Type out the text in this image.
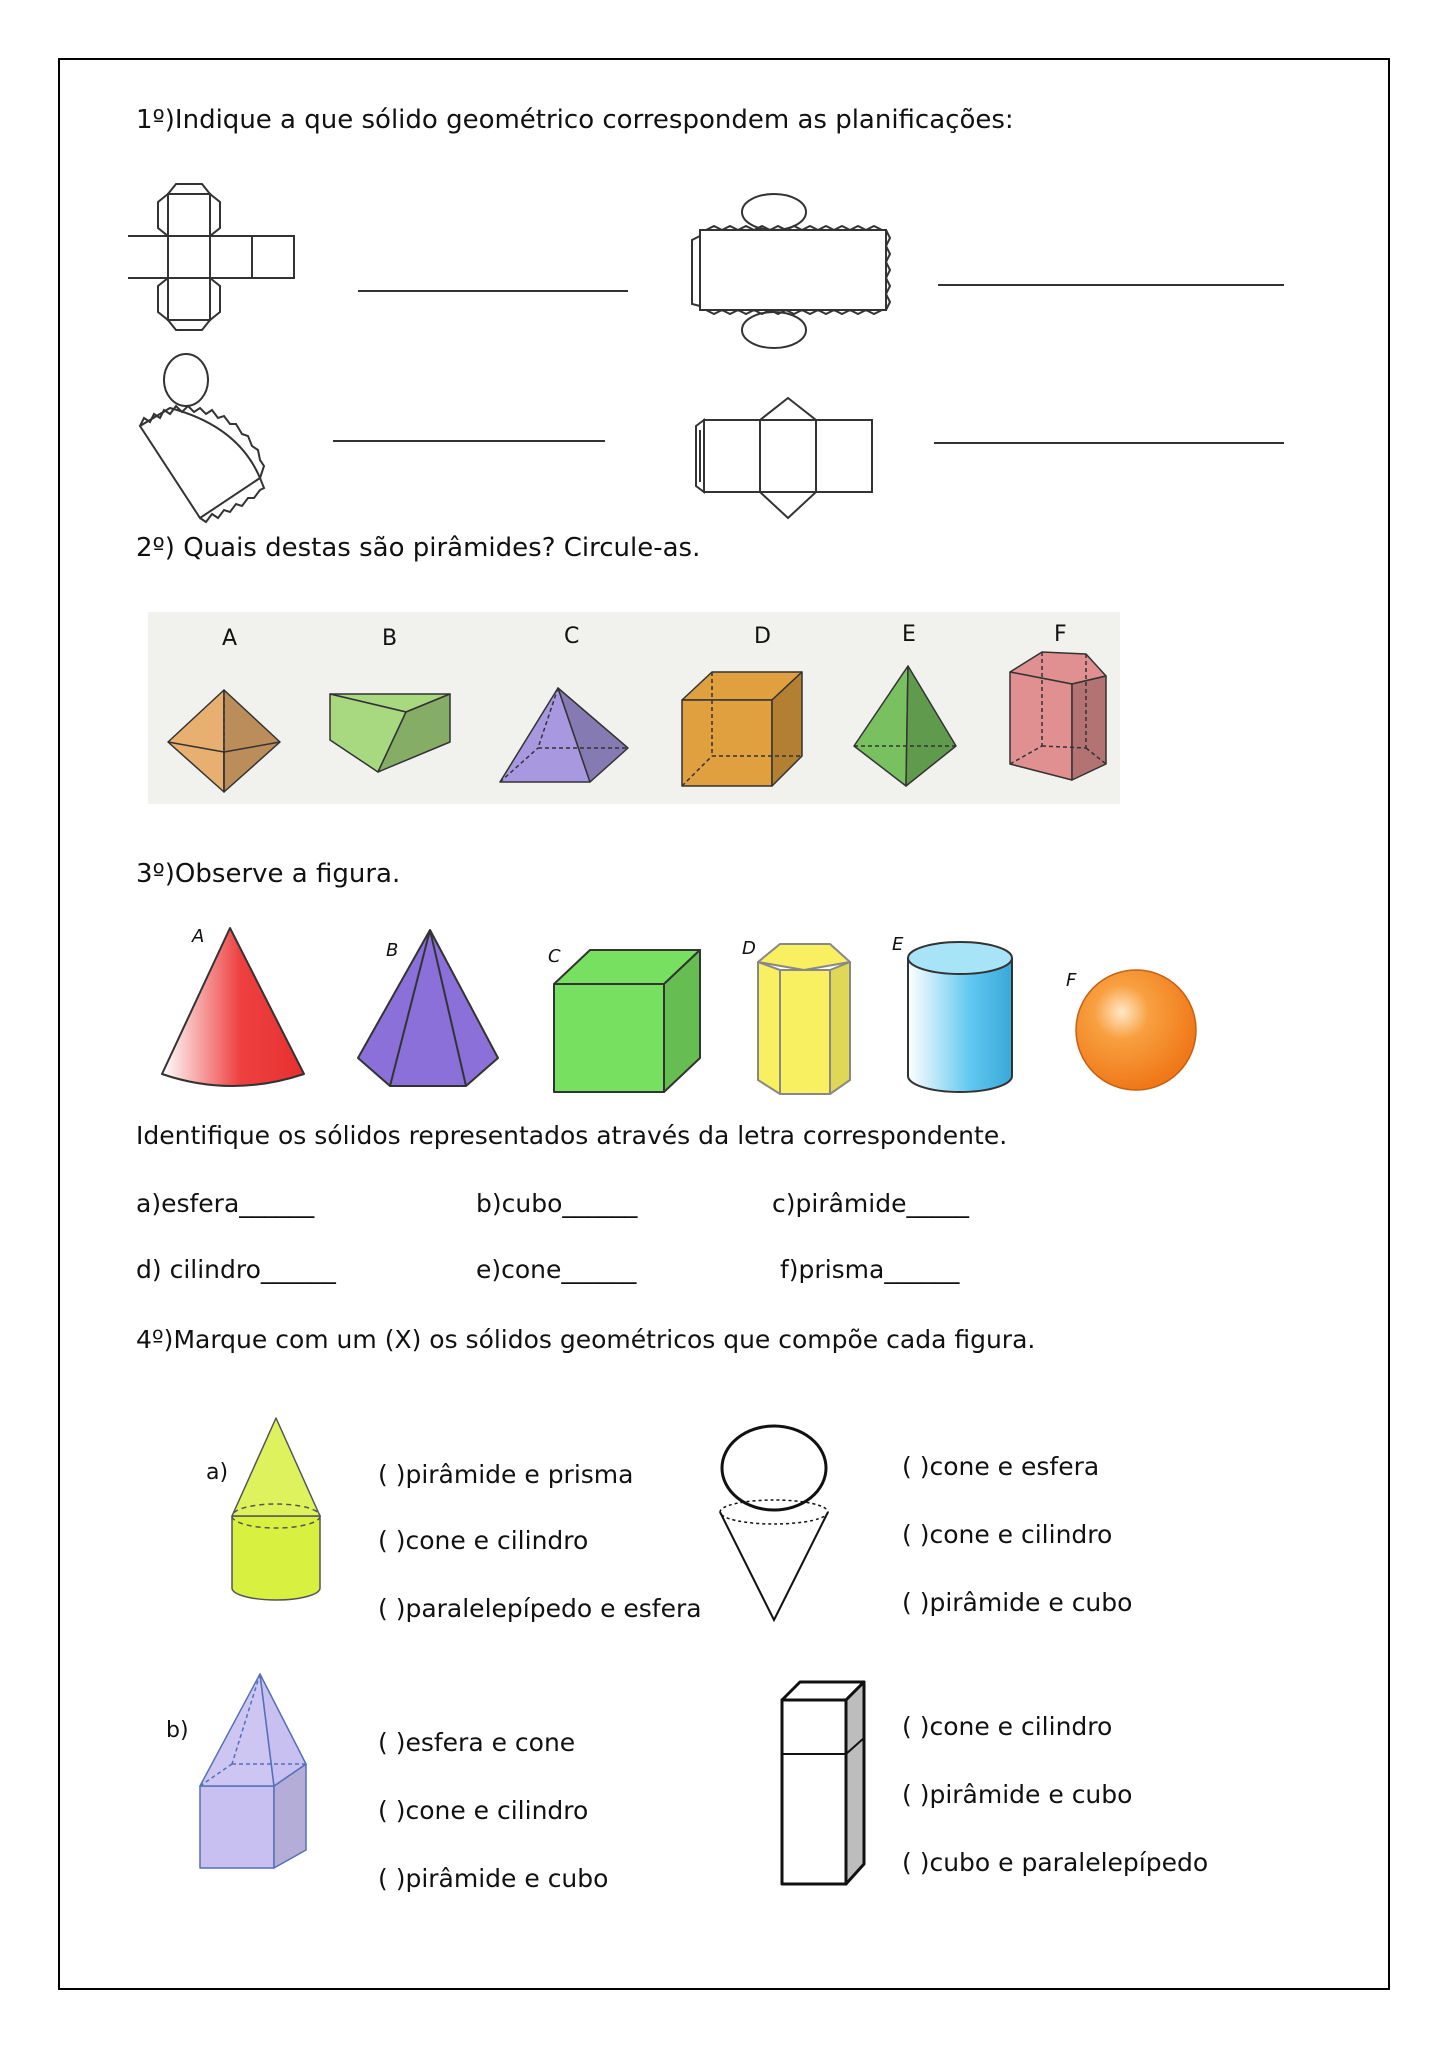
1º)Indique a que sólido geométrico correspondem as planificações:
2º) Quais destas são pirâmides? Circule-as.
A	B	C	D	E	F
3º)Observe a figura.
A
B	C	D	E
F
Identifique os sólidos representados através da letra correspondente.
a)esfera______	b)cubo______	c)pirâmide_____
d) cilindro______	e)cone______	f)prisma______
4º)Marque com um (X) os sólidos geométricos que compõe cada figura.
a)	( )pirâmide e prisma
( )cone e cilindro
( )paralelepípedo e esfera
( )cone e esfera
( )cone e cilindro
( )pirâmide e cubo
b)	( )esfera e cone
( )cone e cilindro
( )pirâmide e cubo
( )cone e cilindro
( )pirâmide e cubo
( )cubo e paralelepípedo
